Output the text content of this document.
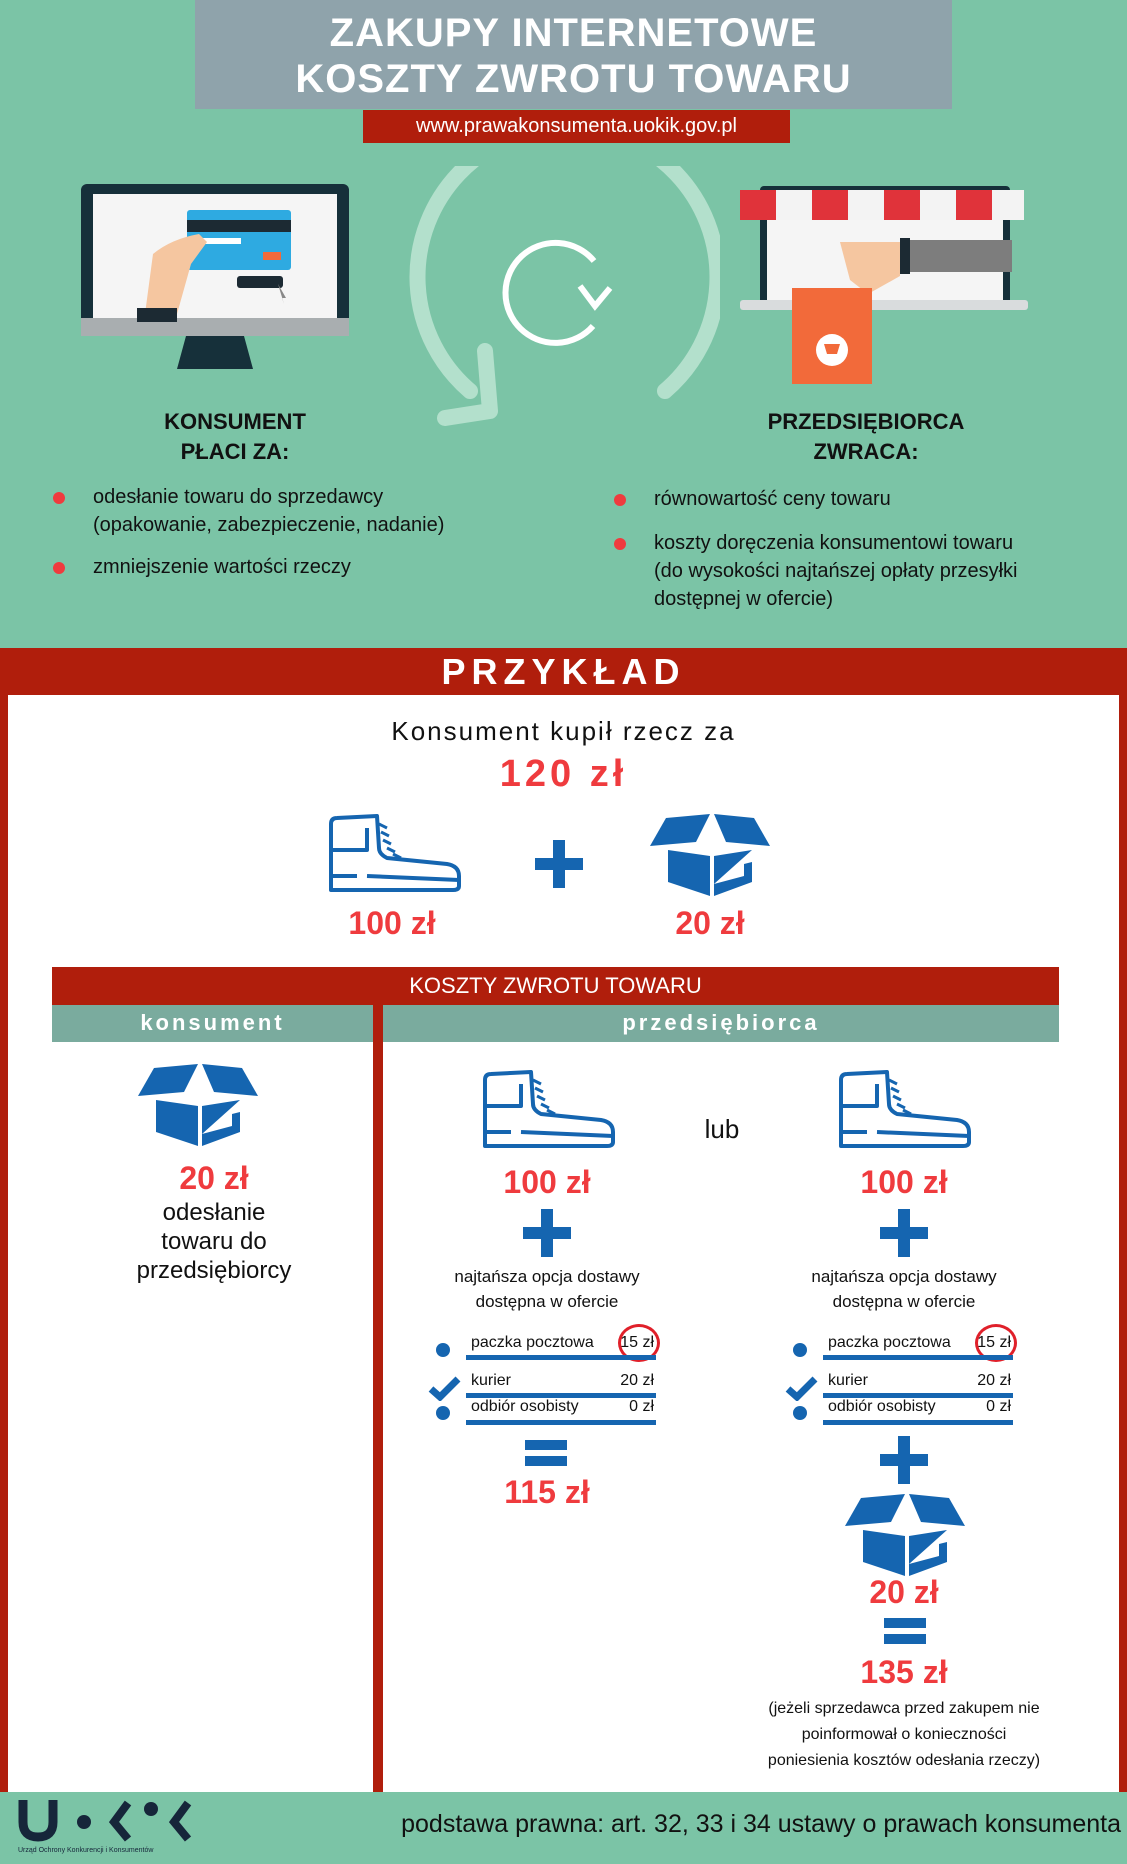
ZAKUPY INTERNETOWE
KOSZTY ZWROTU TOWARU
www.prawakonsumenta.uokik.gov.pl
KONSUMENT
PŁACI ZA:
PRZEDSIĘBIORCA
ZWRACA:
odesłanie towaru do sprzedawcy
(opakowanie, zabezpieczenie, nadanie)
zmniejszenie wartości rzeczy
równowartość ceny towaru
koszty doręczenia konsumentowi towaru
(do wysokości najtańszej opłaty przesyłki
dostępnej w ofercie)
PRZYKŁAD
Konsument kupił rzecz za
120 zł
100 zł	20 zł
KOSZTY ZWROTU TOWARU
konsument	przedsiębiorca
20 zł
odesłanie
towaru do
przedsiębiorcy
lub
100 zł	100 zł
najtańsza opcja dostawy
dostępna w ofercie
najtańsza opcja dostawy
dostępna w ofercie
paczka pocztowa 15 zł
kurier	20 zł
odbiór osobisty	0 zł
paczka pocztowa 15 zł
kurier	20 zł
odbiór osobisty	0 zł
115 zł
20 zł
135 zł
(jeżeli sprzedawca przed zakupem nie
poinformował o konieczności
poniesienia kosztów odesłania rzeczy)
Urząd Ochrony Konkurencji i Konsumentów
podstawa prawna: art. 32, 33 i 34 ustawy o prawach konsumenta
